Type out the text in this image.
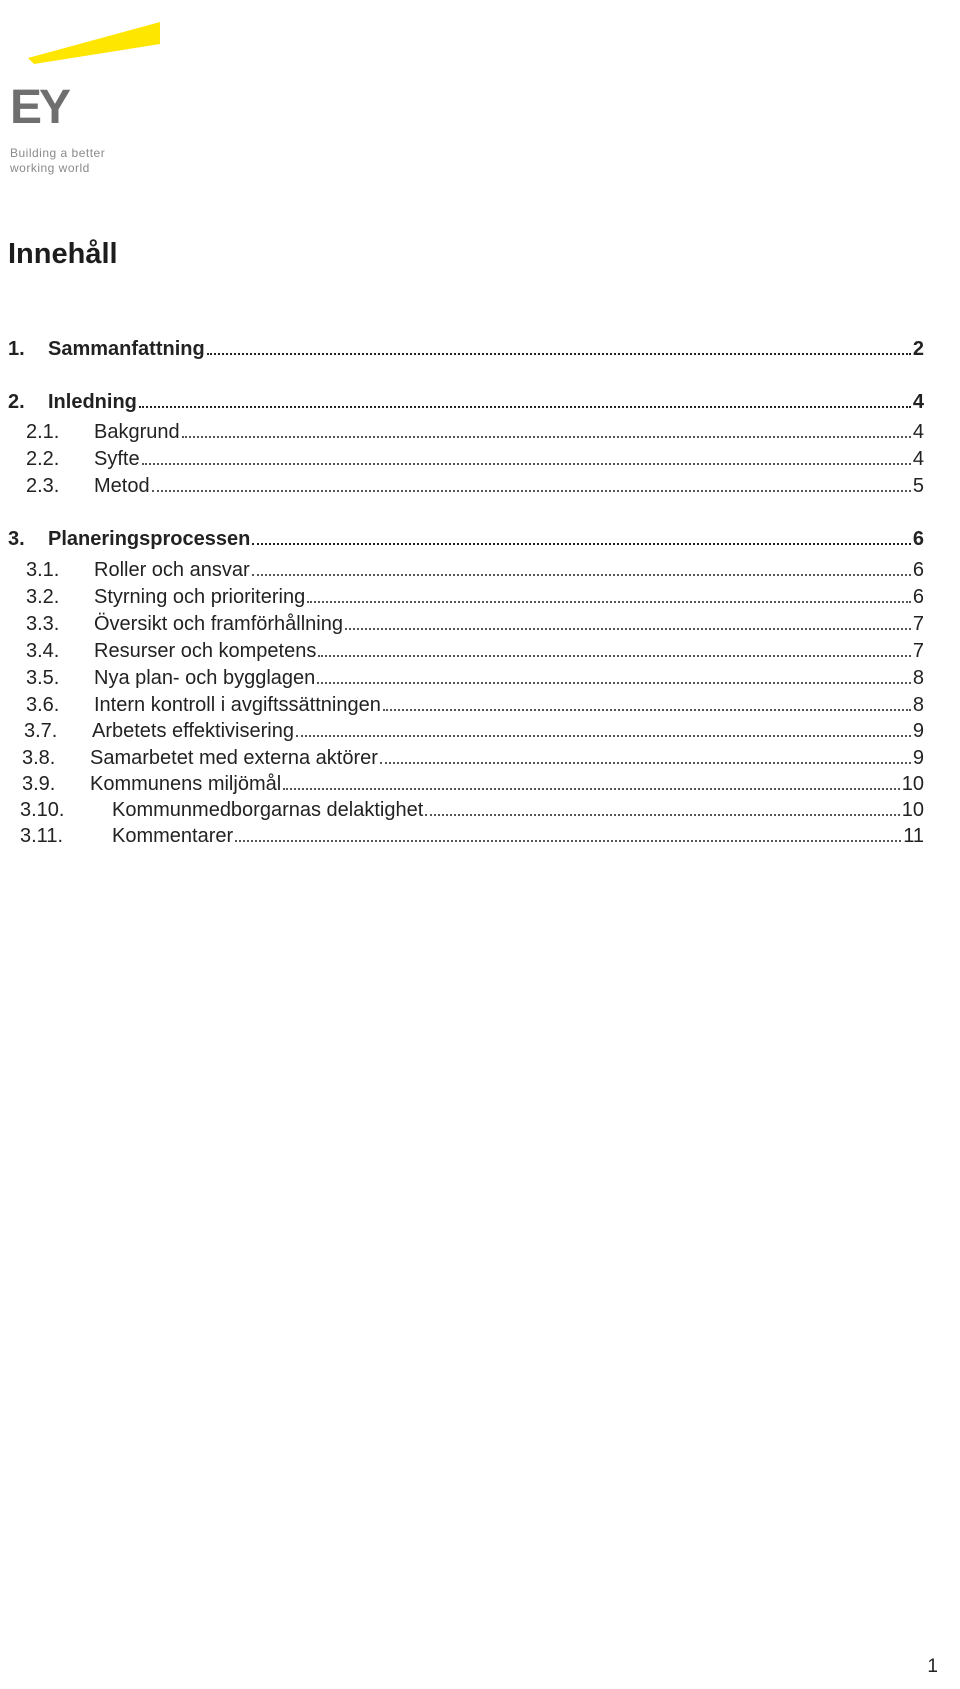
EY
Building a better
working world
Innehåll
1.	Sammanfattning	2
2.	Inledning	4
2.1.	Bakgrund	4
2.2.	Syfte	4
2.3.	Metod	5
3.	Planeringsprocessen	6
3.1.	Roller och ansvar	6
3.2.	Styrning och prioritering	6
3.3.	Översikt och framförhållning	7
3.4.	Resurser och kompetens	7
3.5.	Nya plan- och bygglagen	8
3.6.	Intern kontroll i avgiftssättningen	8
3.7.	Arbetets effektivisering	9
3.8.	Samarbetet med externa aktörer	9
3.9.	Kommunens miljömål	10
3.10.	Kommunmedborgarnas delaktighet	10
3.11.	Kommentarer	11
1
